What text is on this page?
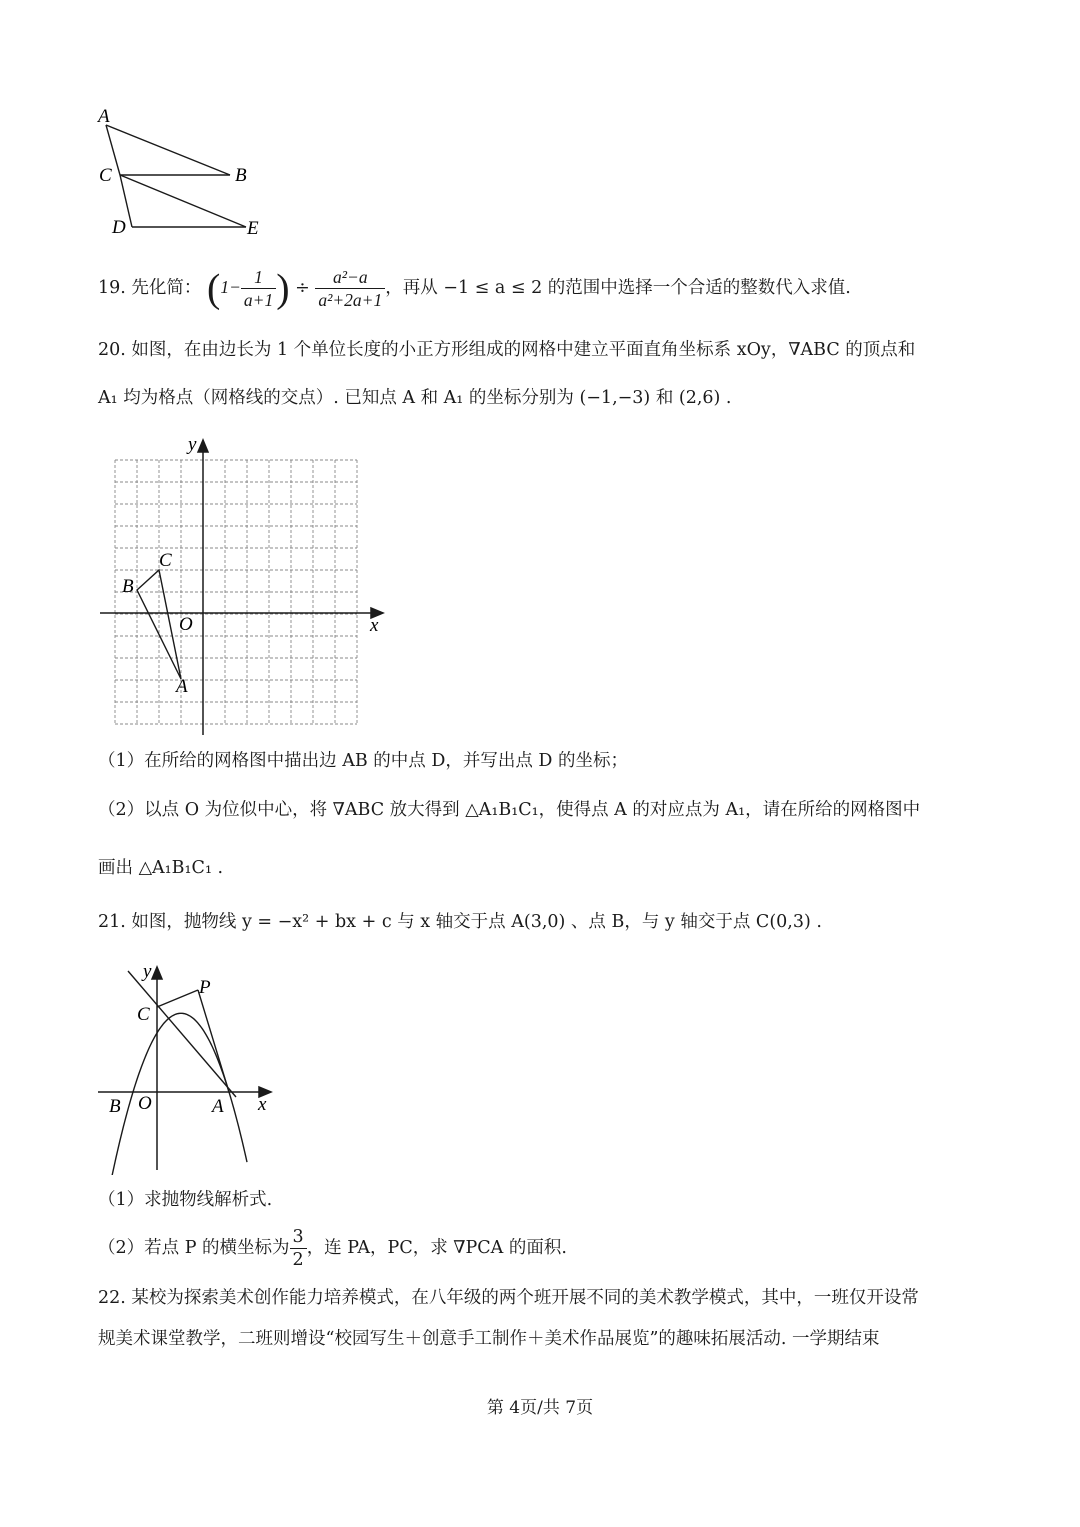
A
C	B
D	E
19. 先化简： ($1- \frac{1}{a+1}$ ) ÷ $\frac{\text{a²−a}}{\text{a²+2a+1}}$ ，再从 −1 ≤ a ≤ 2 的范围中选择一个合适的整数代入求值.
20. 如图，在由边长为 1 个单位长度的小正方形组成的网格中建立平面直角坐标系 xOy，∇ABC 的顶点和
A₁ 均为格点（网格线的交点）. 已知点 A 和 A₁ 的坐标分别为 (−1,−3) 和 (2,6) .
y
x
O
A
B
C
（1）在所给的网格图中描出边 AB 的中点 D，并写出点 D 的坐标；
（2）以点 O 为位似中心，将 ∇ABC 放大得到 △A₁B₁C₁，使得点 A 的对应点为 A₁，请在所给的网格图中
画出 △A₁B₁C₁ .
21. 如图，抛物线 y = −x² + bx + c 与 x 轴交于点 A(3,0) 、点 B，与 y 轴交于点 C(0,3) .
y
x
C
P
B O	A
（1）求抛物线解析式.
（2）若点 P 的横坐标为 $\frac{3}{2}$ ，连 PA，PC，求 ∇PCA 的面积.
22. 某校为探索美术创作能力培养模式，在八年级的两个班开展不同的美术教学模式，其中，一班仅开设常
规美术课堂教学，二班则增设“校园写生＋创意手工制作＋美术作品展览”的趣味拓展活动. 一学期结束
第 4页/共 7页
